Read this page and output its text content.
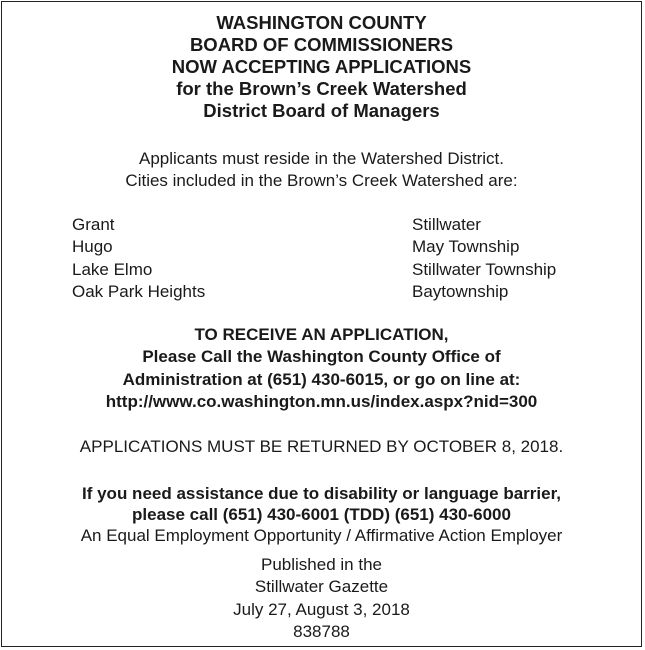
WASHINGTON COUNTY
BOARD OF COMMISSIONERS
NOW ACCEPTING APPLICATIONS
for the Brown’s Creek Watershed
District Board of Managers
Applicants must reside in the Watershed District.
Cities included in the Brown’s Creek Watershed are:
Grant
Hugo
Lake Elmo
Oak Park Heights
Stillwater
May Township
Stillwater Township
Baytownship
TO RECEIVE AN APPLICATION,
Please Call the Washington County Office of
Administration at (651) 430-6015, or go on line at:
http://www.co.washington.mn.us/index.aspx?nid=300
APPLICATIONS MUST BE RETURNED BY OCTOBER 8, 2018.
If you need assistance due to disability or language barrier,
please call (651) 430-6001 (TDD) (651) 430-6000
An Equal Employment Opportunity / Affirmative Action Employer
Published in the
Stillwater Gazette
July 27, August 3, 2018
838788
